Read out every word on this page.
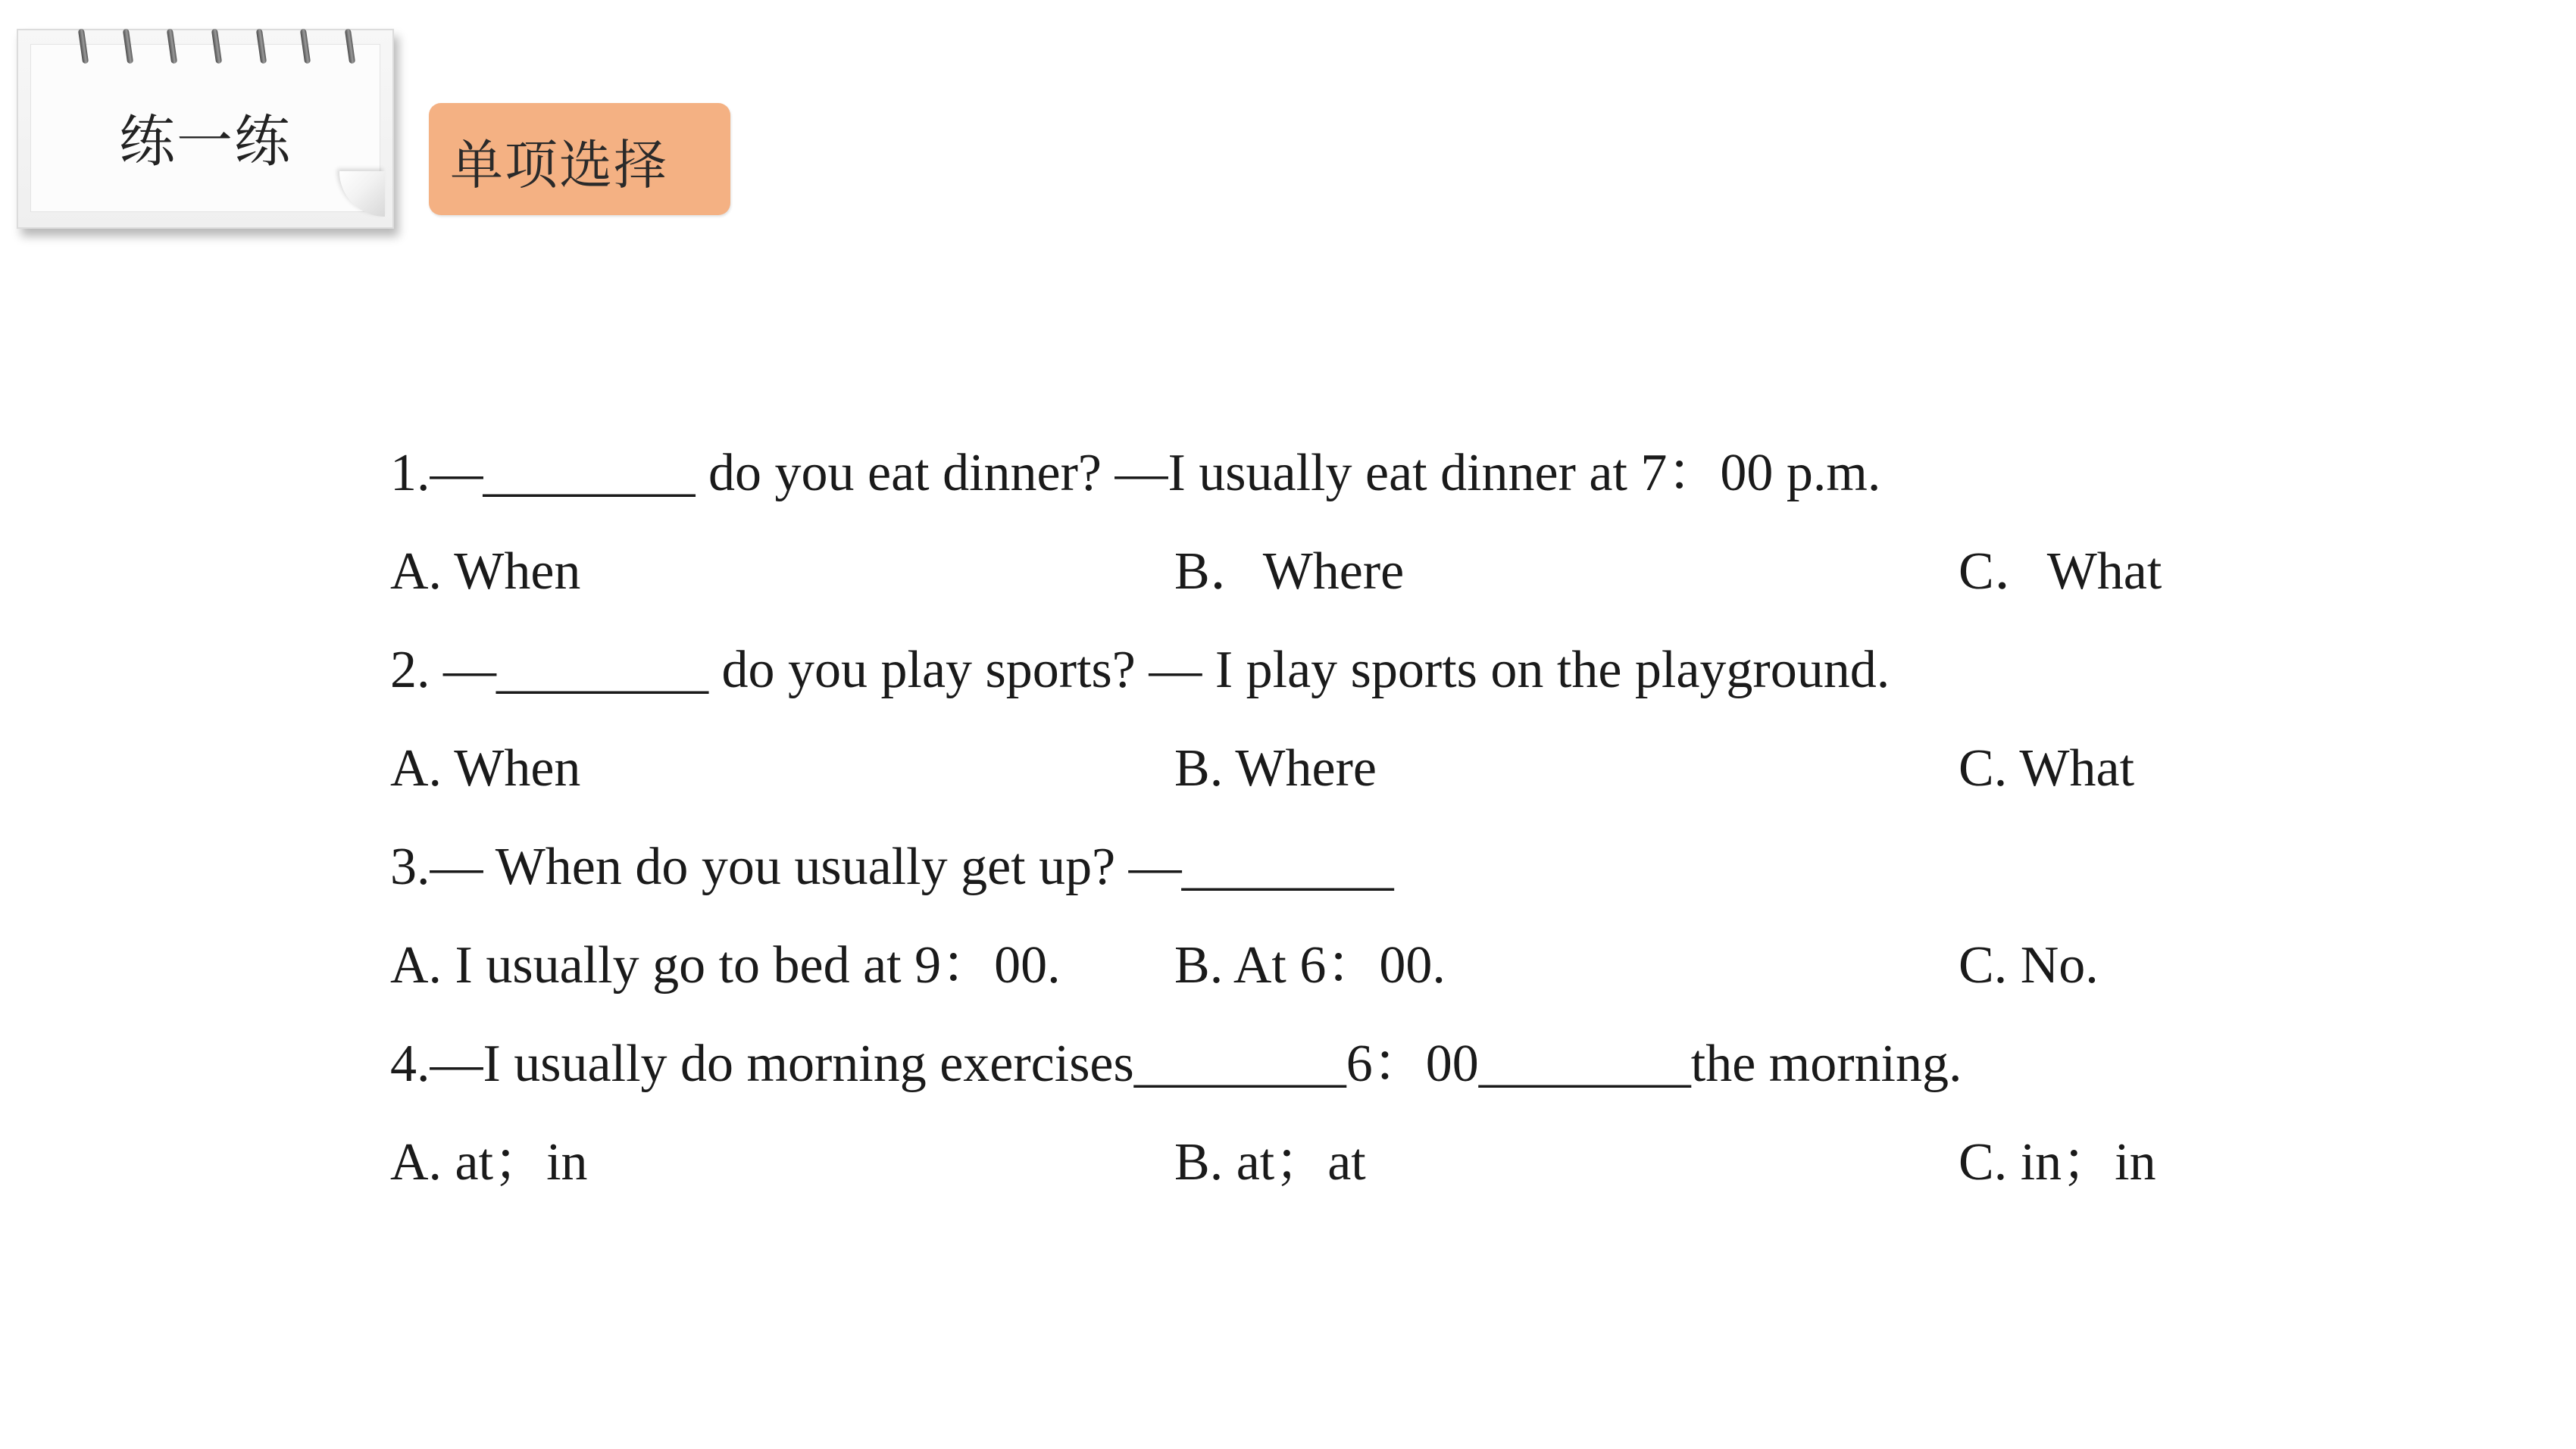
练一练	单项选择
1.—________ do you eat dinner? —I usually eat dinner at 7：00 p.m.
A. When	B．Where	C．What
2. —________ do you play sports? — I play sports on the playground.
A. When	B. Where	C. What
3.— When do you usually get up? —________
A. I usually go to bed at 9：00. B. At 6：00.	C. No.
4.—I usually do morning exercises________6：00________the morning.
A. at；in	B. at；at	C. in；in
